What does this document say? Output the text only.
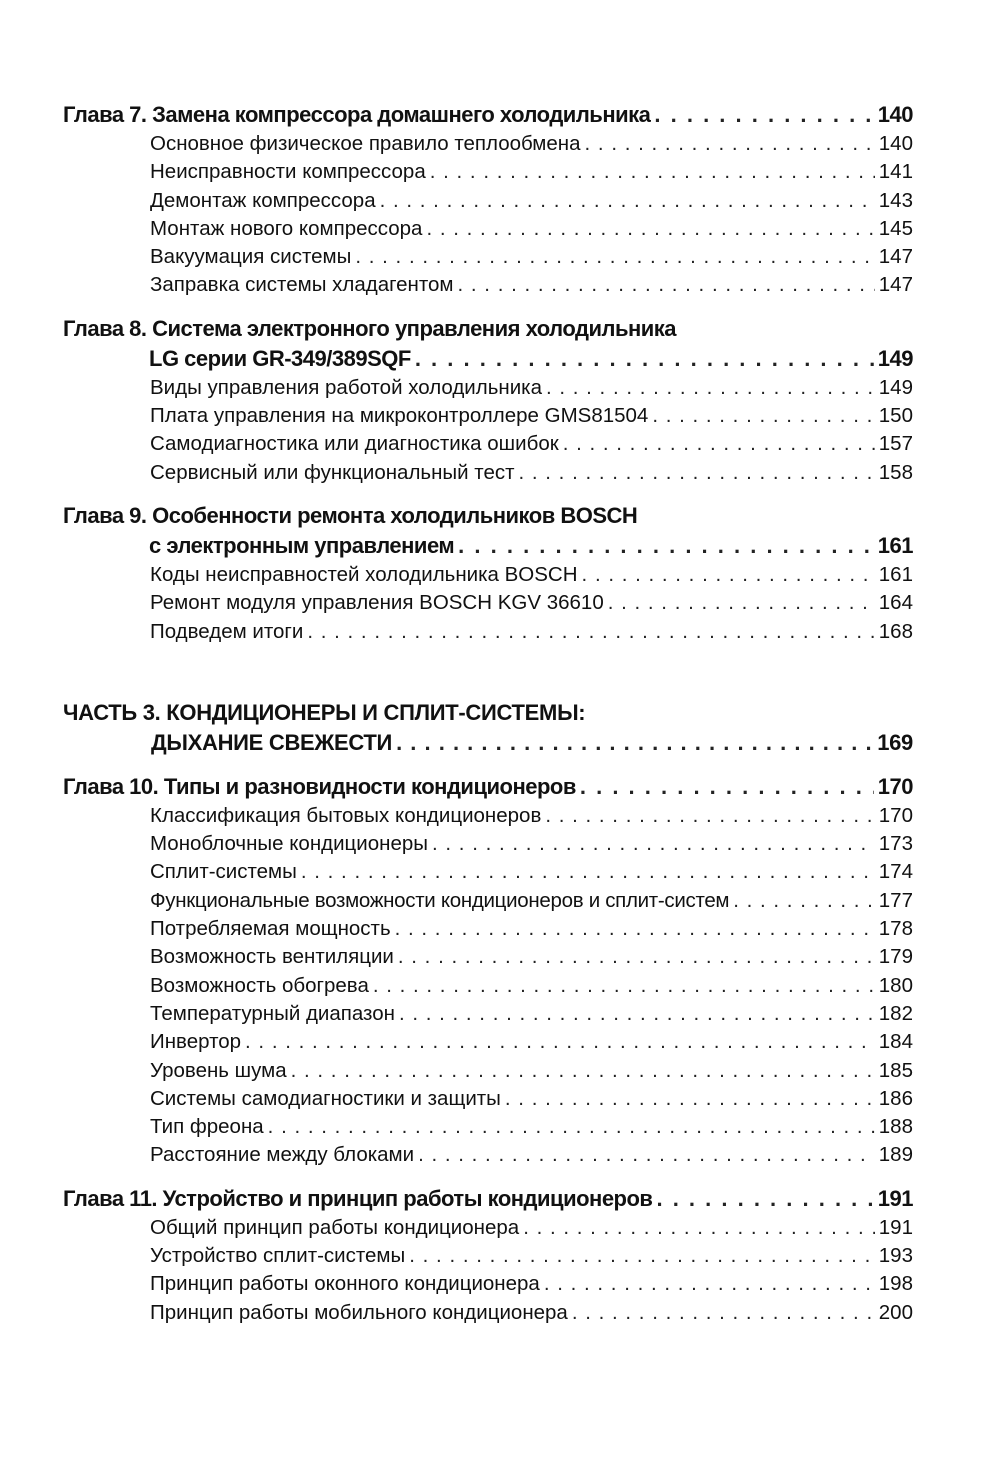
Глава 7. Замена компрессора домашнего холодильника . . .	140
Основное физическое правило теплообмена . . .	140
Неисправности компрессора . . .	141
Демонтаж компрессора . . .	143
Монтаж нового компрессора . . .	145
Вакуумация системы . . .	147
Заправка системы хладагентом . . .	147
Глава 8. Система электронного управления холодильника
LG серии GR-349/389SQF . . .	149
Виды управления работой холодильника . . .	149
Плата управления на микроконтроллере GMS81504 . . .	150
Самодиагностика или диагностика ошибок . . .	157
Сервисный или функциональный тест . . .	158
Глава 9. Особенности ремонта холодильников BOSCH
с электронным управлением . . .	161
Коды неисправностей холодильника BOSCH . . .	161
Ремонт модуля управления BOSCH KGV 36610 . . .	164
Подведем итоги . . .	168
ЧАСТЬ 3. КОНДИЦИОНЕРЫ И СПЛИТ-СИСТЕМЫ:
ДЫХАНИЕ СВЕЖЕСТИ . . .	169
Глава 10. Типы и разновидности кондиционеров . . .	170
Классификация бытовых кондиционеров . . .	170
Моноблочные кондиционеры . . .	173
Сплит-системы . . .	174
Функциональные возможности кондиционеров и сплит-систем . . .	177
Потребляемая мощность . . .	178
Возможность вентиляции . . .	179
Возможность обогрева . . .	180
Температурный диапазон . . .	182
Инвертор . . .	184
Уровень шума . . .	185
Системы самодиагностики и защиты . . .	186
Тип фреона . . .	188
Расстояние между блоками . . .	189
Глава 11. Устройство и принцип работы кондиционеров . . .	191
Общий принцип работы кондиционера . . .	191
Устройство сплит-системы . . .	193
Принцип работы оконного кондиционера . . .	198
Принцип работы мобильного кондиционера . . .	200
